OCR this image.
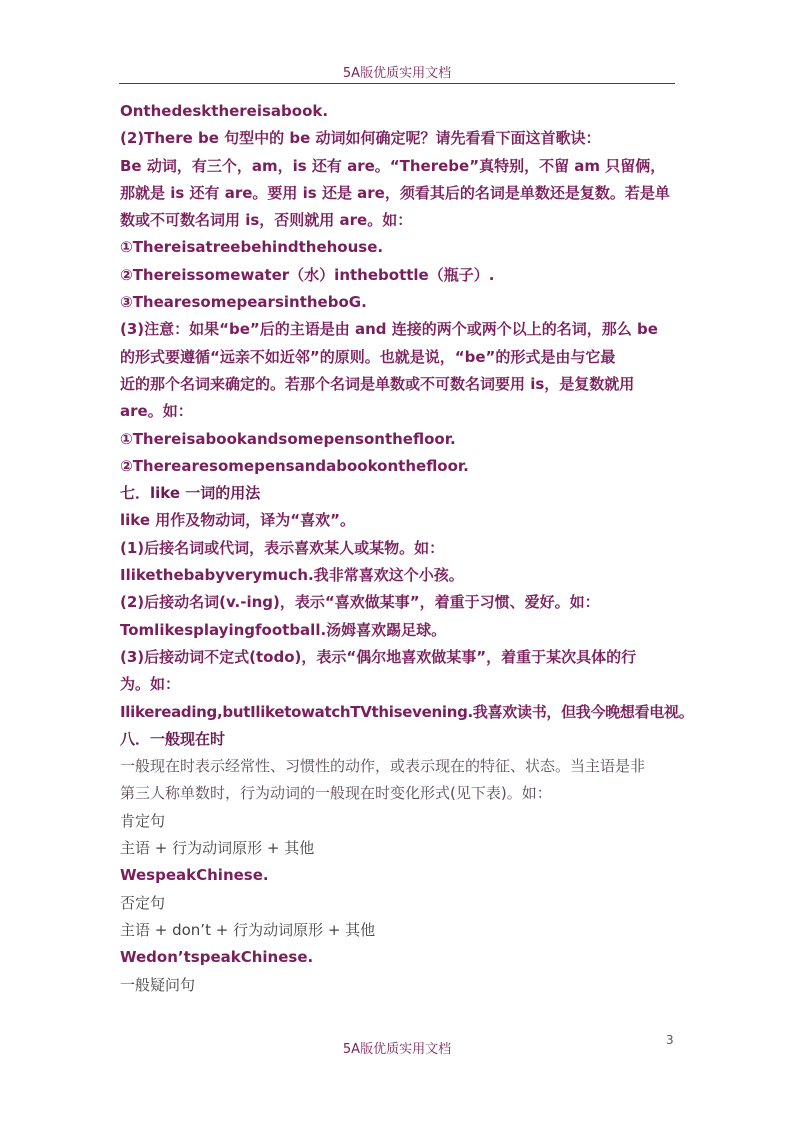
5A版优质实用文档
Onthedeskthereisabook.
(2)There be 句型中的 be 动词如何确定呢？请先看看下面这首歌诀：
Be 动词，有三个，am，is 还有 are。“Therebe”真特别，不留 am 只留俩，
那就是 is 还有 are。要用 is 还是 are，须看其后的名词是单数还是复数。若是单
数或不可数名词用 is，否则就用 are。如：
①Thereisatreebehindthehouse.
②Thereissomewater（水）inthebottle（瓶子）.
③ThearesomepearsinthebοG.
(3)注意：如果“be”后的主语是由 and 连接的两个或两个以上的名词，那么 be
的形式要遵循“远亲不如近邻”的原则。也就是说，“be”的形式是由与它最
近的那个名词来确定的。若那个名词是单数或不可数名词要用 is，是复数就用
are。如：
①Thereisabookandsomepensonthefloor.
②Therearesomepensandabookonthefloor.
七．like 一词的用法
like 用作及物动词，译为“喜欢”。
(1)后接名词或代词，表示喜欢某人或某物。如：
Ilikethebabyverymuch.我非常喜欢这个小孩。
(2)后接动名词(v.-ing)，表示“喜欢做某事”，着重于习惯、爱好。如：
Tomlikesplayingfootball.汤姆喜欢踢足球。
(3)后接动词不定式(todo)，表示“偶尔地喜欢做某事”，着重于某次具体的行
为。如：
Ilikereading,butIliketowatchTVthisevening.我喜欢读书，但我今晚想看电视。
八．一般现在时
一般现在时表示经常性、习惯性的动作，或表示现在的特征、状态。当主语是非
第三人称单数时，行为动词的一般现在时变化形式(见下表)。如：
肯定句
主语 + 行为动词原形 + 其他
WespeakChinese.
否定句
主语 + don’t + 行为动词原形 + 其他
Wedon’tspeakChinese.
一般疑问句
3
5A版优质实用文档
